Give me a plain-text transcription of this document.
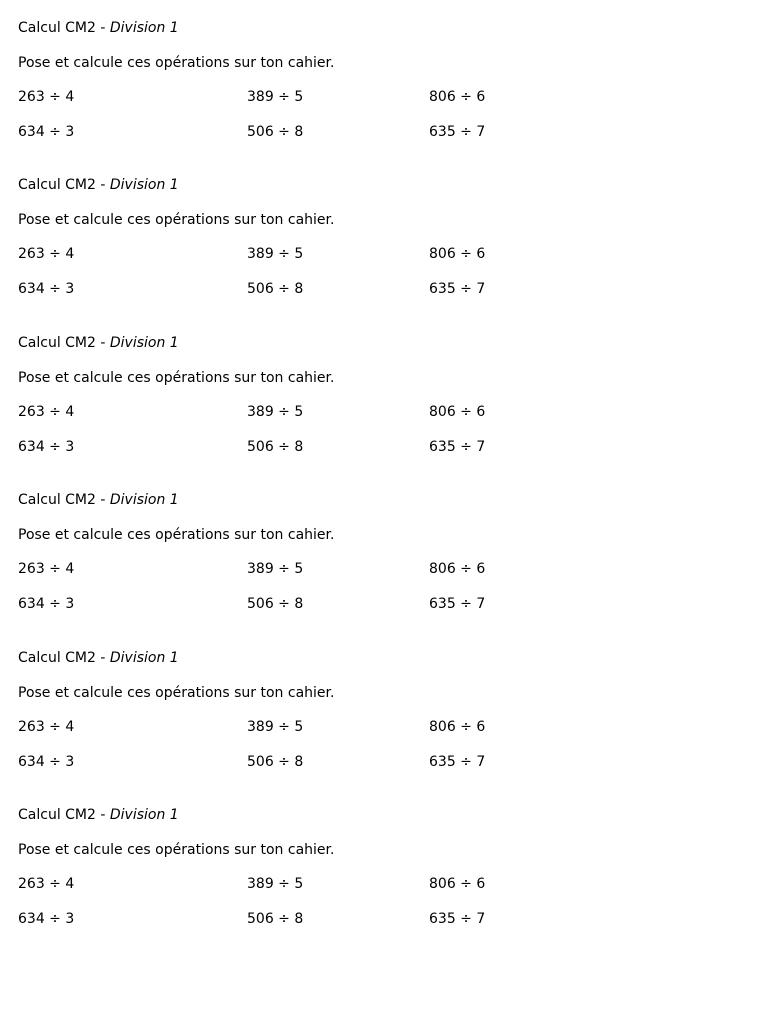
Calcul CM2 - Division 1
Pose et calcule ces opérations sur ton cahier.
263 ÷ 4	389 ÷ 5	806 ÷ 6
634 ÷ 3	506 ÷ 8	635 ÷ 7
Calcul CM2 - Division 1
Pose et calcule ces opérations sur ton cahier.
263 ÷ 4	389 ÷ 5	806 ÷ 6
634 ÷ 3	506 ÷ 8	635 ÷ 7
Calcul CM2 - Division 1
Pose et calcule ces opérations sur ton cahier.
263 ÷ 4	389 ÷ 5	806 ÷ 6
634 ÷ 3	506 ÷ 8	635 ÷ 7
Calcul CM2 - Division 1
Pose et calcule ces opérations sur ton cahier.
263 ÷ 4	389 ÷ 5	806 ÷ 6
634 ÷ 3	506 ÷ 8	635 ÷ 7
Calcul CM2 - Division 1
Pose et calcule ces opérations sur ton cahier.
263 ÷ 4	389 ÷ 5	806 ÷ 6
634 ÷ 3	506 ÷ 8	635 ÷ 7
Calcul CM2 - Division 1
Pose et calcule ces opérations sur ton cahier.
263 ÷ 4	389 ÷ 5	806 ÷ 6
634 ÷ 3	506 ÷ 8	635 ÷ 7
